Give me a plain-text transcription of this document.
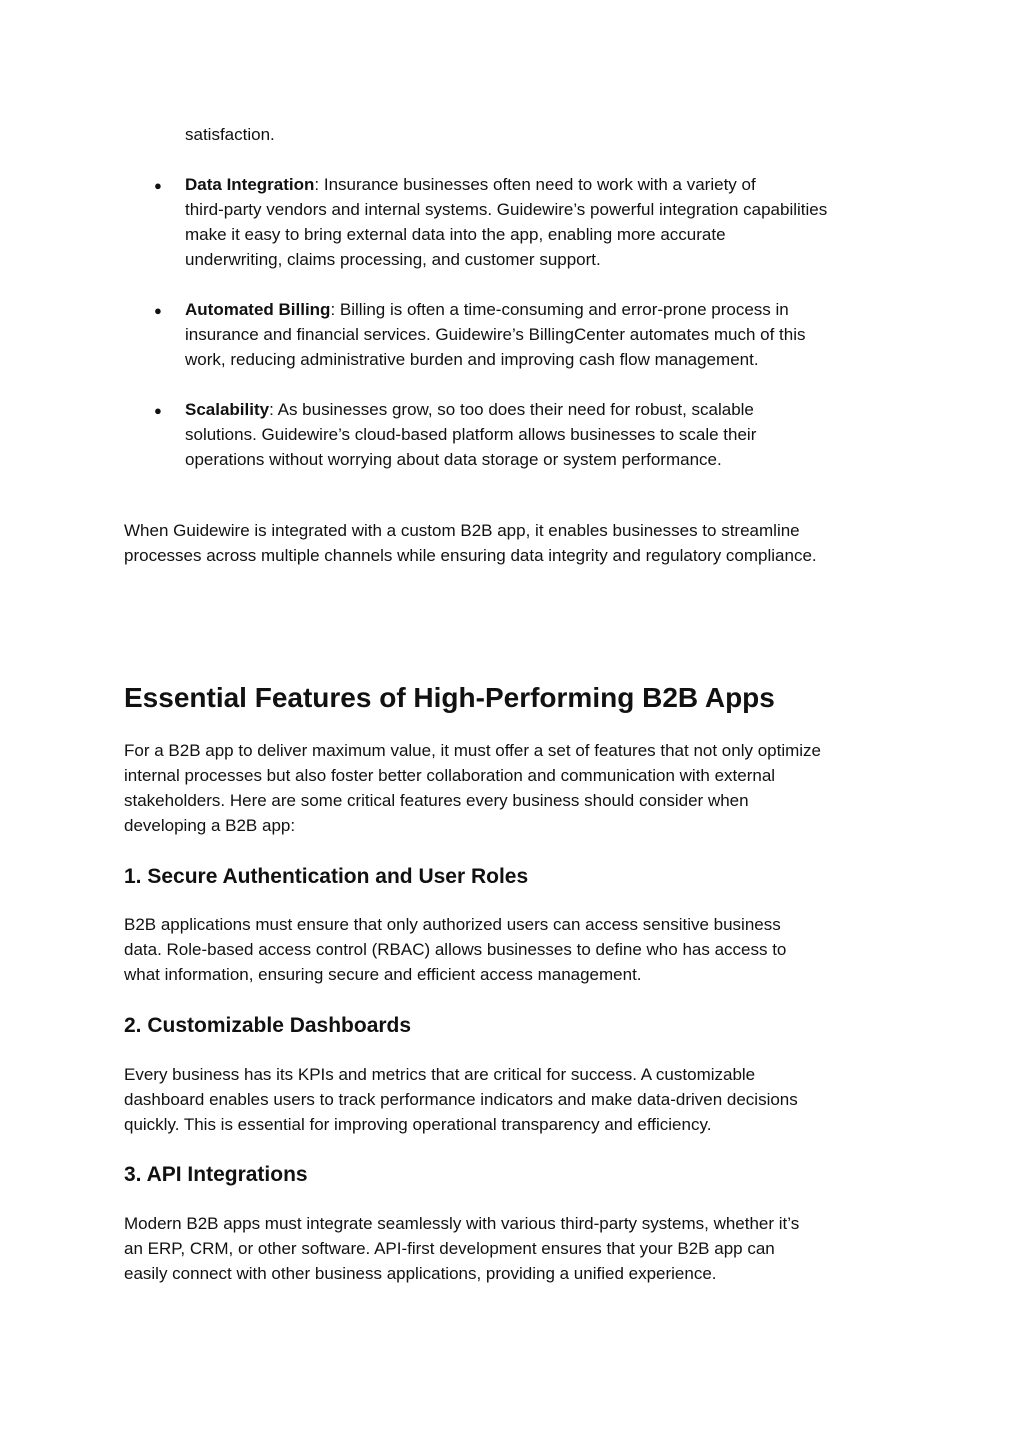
satisfaction.

● Data Integration: Insurance businesses often need to work with a variety of
third-party vendors and internal systems. Guidewire’s powerful integration capabilities
make it easy to bring external data into the app, enabling more accurate
underwriting, claims processing, and customer support.

● Automated Billing: Billing is often a time-consuming and error-prone process in
insurance and financial services. Guidewire’s BillingCenter automates much of this
work, reducing administrative burden and improving cash flow management.

● Scalability: As businesses grow, so too does their need for robust, scalable
solutions. Guidewire’s cloud-based platform allows businesses to scale their
operations without worrying about data storage or system performance.

When Guidewire is integrated with a custom B2B app, it enables businesses to streamline
processes across multiple channels while ensuring data integrity and regulatory compliance.

Essential Features of High-Performing B2B Apps

For a B2B app to deliver maximum value, it must offer a set of features that not only optimize
internal processes but also foster better collaboration and communication with external
stakeholders. Here are some critical features every business should consider when
developing a B2B app:

1. Secure Authentication and User Roles

B2B applications must ensure that only authorized users can access sensitive business
data. Role-based access control (RBAC) allows businesses to define who has access to
what information, ensuring secure and efficient access management.

2. Customizable Dashboards

Every business has its KPIs and metrics that are critical for success. A customizable
dashboard enables users to track performance indicators and make data-driven decisions
quickly. This is essential for improving operational transparency and efficiency.

3. API Integrations

Modern B2B apps must integrate seamlessly with various third-party systems, whether it’s
an ERP, CRM, or other software. API-first development ensures that your B2B app can
easily connect with other business applications, providing a unified experience.
